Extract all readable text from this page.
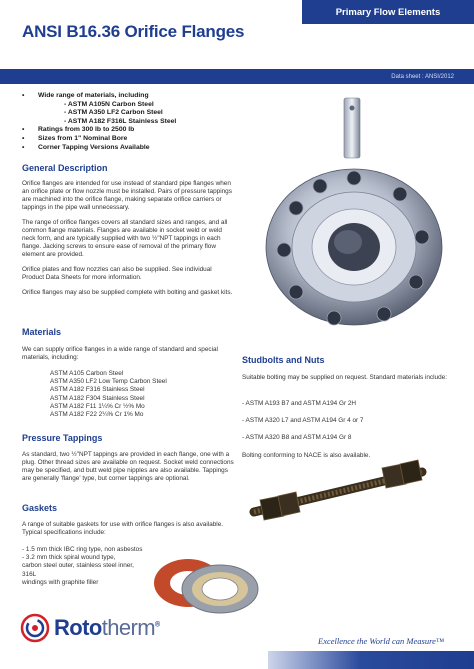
Primary Flow Elements
ANSI B16.36 Orifice Flanges
Data sheet : ANSI/2012
•	Wide range of materials, including
- ASTM A105N Carbon Steel
- ASTM A350 LF2 Carbon Steel
- ASTM A182 F316L Stainless Steel
•	Ratings from 300 lb to 2500 lb
•	Sizes from 1" Nominal Bore
•	Corner Tapping Versions Available
General Description

Orifice flanges are intended for use instead of standard pipe flanges when an orifice plate or flow nozzle must be installed. Pairs of pressure tappings are machined into the orifice flange, making separate orifice carriers or tappings in the pipe wall unnecessary.

The range of orifice flanges covers all standard sizes and ranges, and all common flange materials. Flanges are available in socket weld or weld neck form, and are typically supplied with two ½"NPT tappings in each flange. Jacking screws to ensure ease of removal of the primary flow element are provided.

Orifice plates and flow nozzles can also be supplied. See individual Product Data Sheets for more information.

Orifice flanges may also be supplied complete with bolting and gasket kits.

Materials
We can supply orifice flanges in a wide range of standard and special materials, including:
ASTM A105 Carbon Steel
ASTM A350 LF2 Low Temp Carbon Steel
ASTM A182 F316 Stainless Steel
ASTM A182 F304 Stainless Steel
ASTM A182 F11 1¼% Cr ½% Mo
ASTM A182 F22 2¼% Cr 1% Mo
Pressure Tappings
As standard, two ½"NPT tappings are provided in each flange, one with a plug. Other thread sizes are available on request. Socket weld connections may be specified, and butt weld pipe nipples are also available. Tappings are generally 'flange' type, but corner tappings are optional.
Gaskets
A range of suitable gaskets for use with orifice flanges is also available. Typical specifications include:
- 1.5 mm thick IBC ring type, non asbestos
- 3.2 mm thick spiral wound type,
carbon steel outer, stainless steel inner,
316L
windings with graphite filler
Studbolts and Nuts
Suitable bolting may be supplied on request. Standard materials include:
- ASTM A193 B7 and ASTM A194 Gr 2H
- ASTM A320 L7 and ASTM A194 Gr 4 or 7
- ASTM A320 B8 and ASTM A194 Gr 8
Bolting conforming to NACE is also available.
Rototherm®
Excellence the World can Measure™
